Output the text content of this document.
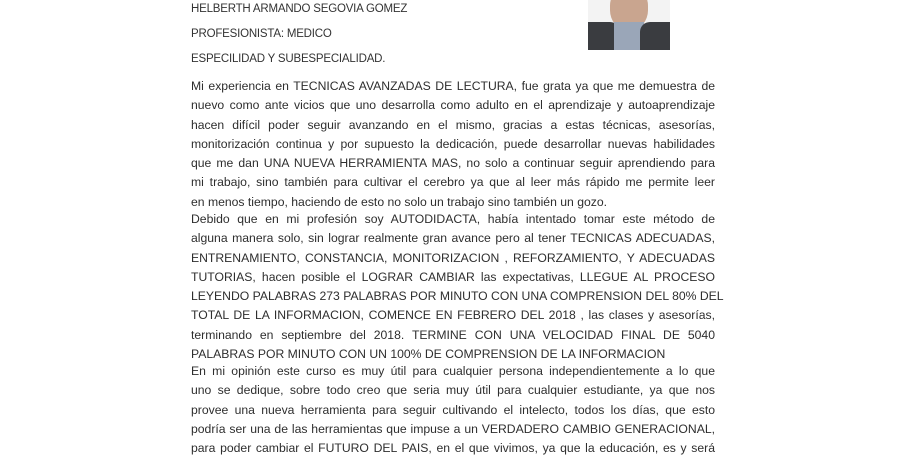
HELBERTH ARMANDO SEGOVIA GOMEZ
PROFESIONISTA: MEDICO
ESPECILIDAD Y SUBESPECIALIDAD.
Mi experiencia en TECNICAS AVANZADAS DE LECTURA, fue grata ya que me demuestra de
nuevo como ante vicios que uno desarrolla como adulto en el aprendizaje y autoaprendizaje
hacen difícil poder seguir avanzando en el mismo, gracias a estas técnicas, asesorías,
monitorización continua y por supuesto la dedicación, puede desarrollar nuevas habilidades
que me dan UNA NUEVA HERRAMIENTA MAS, no solo a continuar seguir aprendiendo para
mi trabajo, sino también para cultivar el cerebro ya que al leer más rápido me permite leer
en menos tiempo, haciendo de esto no solo un trabajo sino también un gozo.
Debido que en mi profesión soy AUTODIDACTA, había intentado tomar este método de
alguna manera solo, sin lograr realmente gran avance pero al tener TECNICAS ADECUADAS,
ENTRENAMIENTO, CONSTANCIA, MONITORIZACION , REFORZAMIENTO, Y ADECUADAS
TUTORIAS, hacen posible el LOGRAR CAMBIAR las expectativas, LLEGUE AL PROCESO
LEYENDO PALABRAS 273 PALABRAS POR MINUTO CON UNA COMPRENSION DEL 80% DEL
TOTAL DE LA INFORMACION, COMENCE EN FEBRERO DEL 2018 , las clases y asesorías,
terminando en septiembre del 2018. TERMINE CON UNA VELOCIDAD FINAL DE 5040
PALABRAS POR MINUTO CON UN 100% DE COMPRENSION DE LA INFORMACION
En mi opinión este curso es muy útil para cualquier persona independientemente a lo que
uno se dedique, sobre todo creo que seria muy útil para cualquier estudiante, ya que nos
provee una nueva herramienta para seguir cultivando el intelecto, todos los días, que esto
podría ser una de las herramientas que impuse a un VERDADERO CAMBIO GENERACIONAL,
para poder cambiar el FUTURO DEL PAIS, en el que vivimos, ya que la educación, es y será
